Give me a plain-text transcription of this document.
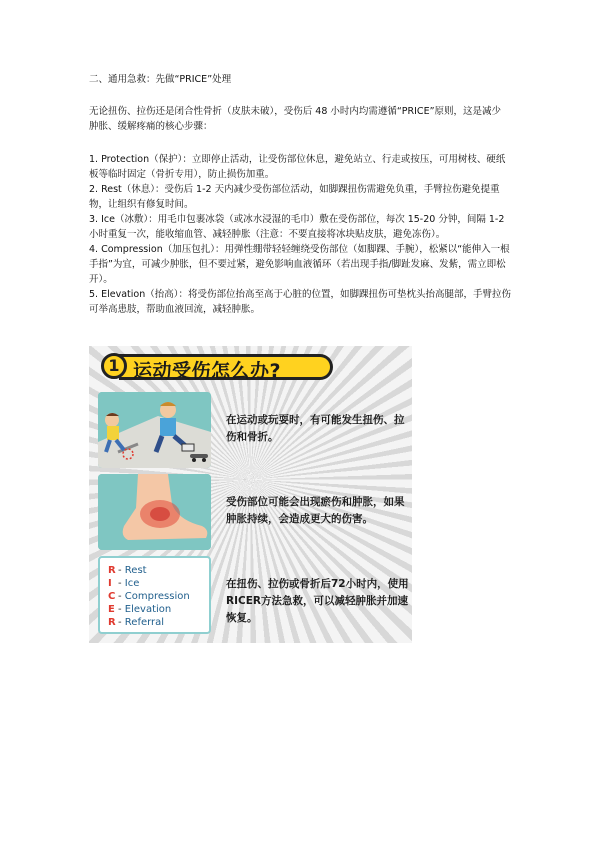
二、通用急救：先做“PRICE”处理
无论扭伤、拉伤还是闭合性骨折（皮肤未破），受伤后 48 小时内均需遵循“PRICE”原则，这是减少肿胀、缓解疼痛的核心步骤：

1. Protection（保护）：立即停止活动，让受伤部位休息，避免站立、行走或按压，可用树枝、硬纸板等临时固定（骨折专用），防止损伤加重。

2. Rest（休息）：受伤后 1-2 天内减少受伤部位活动，如脚踝扭伤需避免负重，手臂拉伤避免提重物，让组织有修复时间。

3. Ice（冰敷）：用毛巾包裹冰袋（或冰水浸湿的毛巾）敷在受伤部位，每次 15-20 分钟，间隔 1-2 小时重复一次，能收缩血管、减轻肿胀（注意：不要直接将冰块贴皮肤，避免冻伤）。

4. Compression（加压包扎）：用弹性绷带轻轻缠绕受伤部位（如脚踝、手腕），松紧以“能伸入一根手指”为宜，可减少肿胀，但不要过紧，避免影响血液循环（若出现手指/脚趾发麻、发紫，需立即松开）。

5. Elevation（抬高）：将受伤部位抬高至高于心脏的位置，如脚踝扭伤可垫枕头抬高腿部，手臂拉伤可举高患肢，帮助血液回流，减轻肿胀。

1 运动受伤怎么办?
R - Rest
I - Ice
C - Compression
E - Elevation
R - Referral
在运动或玩耍时，有可能发生扭伤、拉伤和骨折。
受伤部位可能会出现瘀伤和肿胀，如果肿胀持续，会造成更大的伤害。
在扭伤、拉伤或骨折后72小时内，使用RICER方法急救，可以减轻肿胀并加速恢复。
